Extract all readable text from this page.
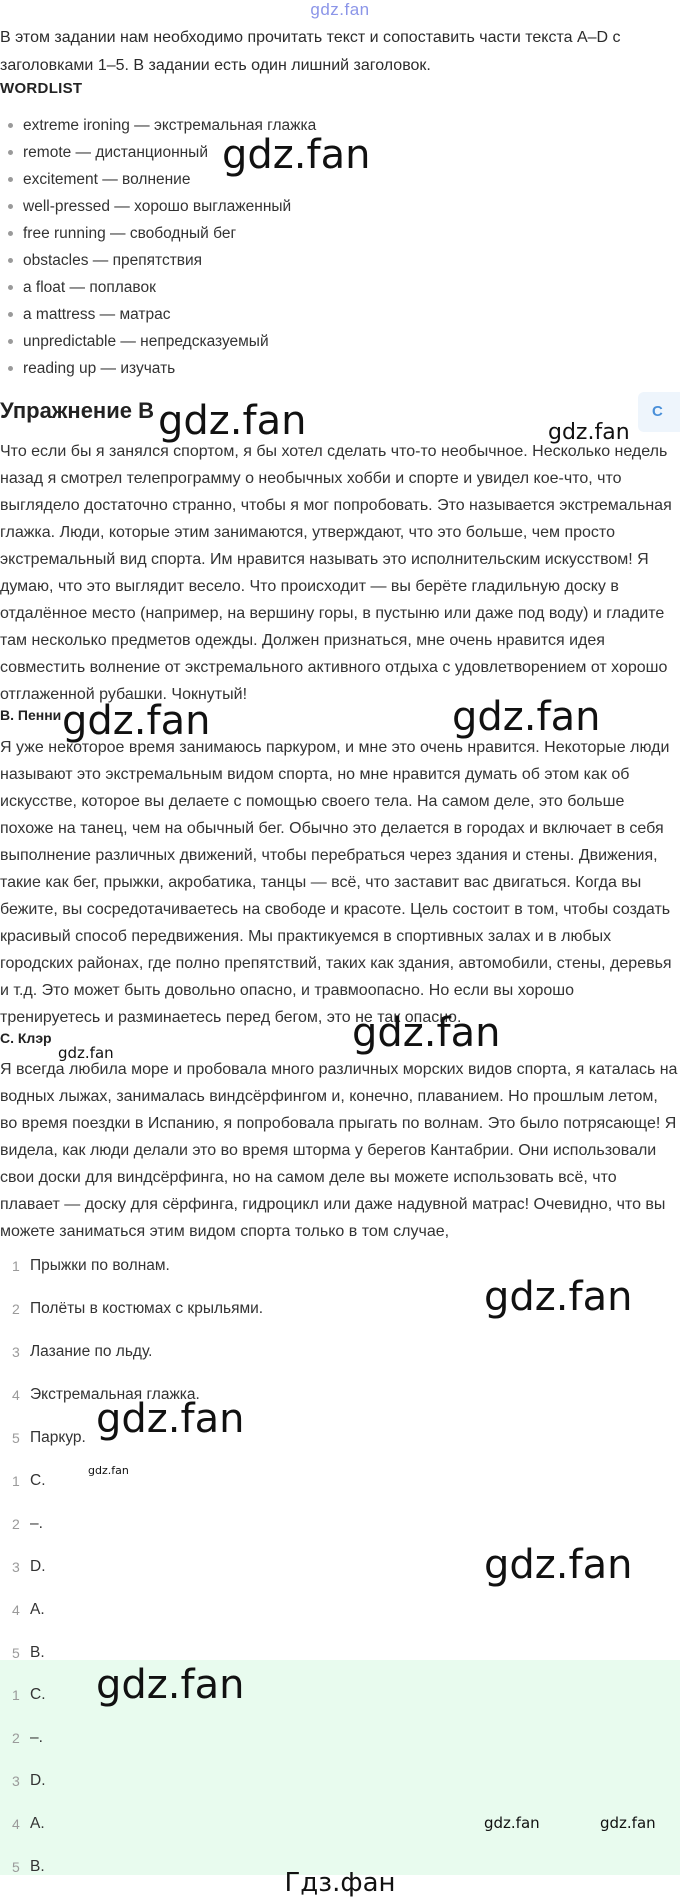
gdz.fan
В этом задании нам необходимо прочитать текст и сопоставить части текста A–D с заголовками 1–5. В задании есть один лишний заголовок.
WORDLIST
extreme ironing — экстремальная глажка
remote — дистанционный
excitement — волнение
well-pressed — хорошо выглаженный
free running — свободный бег
obstacles — препятствия
a float — поплавок
a mattress — матрас
unpredictable — непредсказуемый
reading up — изучать
Упражнение B	C
Что если бы я занялся спортом, я бы хотел сделать что-то необычное. Несколько недель назад я смотрел телепрограмму о необычных хобби и спорте и увидел кое-что, что выглядело достаточно странно, чтобы я мог попробовать. Это называется экстремальная глажка. Люди, которые этим занимаются, утверждают, что это больше, чем просто экстремальный вид спорта. Им нравится называть это исполнительским искусством! Я думаю, что это выглядит весело. Что происходит — вы берёте гладильную доску в отдалённое место (например, на вершину горы, в пустыню или даже под воду) и гладите там несколько предметов одежды. Должен признаться, мне очень нравится идея совместить волнение от экстремального активного отдыха с удовлетворением от хорошо отглаженной рубашки. Чокнутый!
B. Пенни
Я уже некоторое время занимаюсь паркуром, и мне это очень нравится. Некоторые люди называют это экстремальным видом спорта, но мне нравится думать об этом как об искусстве, которое вы делаете с помощью своего тела. На самом деле, это больше похоже на танец, чем на обычный бег. Обычно это делается в городах и включает в себя выполнение различных движений, чтобы перебраться через здания и стены. Движения, такие как бег, прыжки, акробатика, танцы — всё, что заставит вас двигаться. Когда вы бежите, вы сосредотачиваетесь на свободе и красоте. Цель состоит в том, чтобы создать красивый способ передвижения. Мы практикуемся в спортивных залах и в любых городских районах, где полно препятствий, таких как здания, автомобили, стены, деревья и т.д. Это может быть довольно опасно, и травмоопасно. Но если вы хорошо тренируетесь и разминаетесь перед бегом, это не так опасно.
C. Клэр
Я всегда любила море и пробовала много различных морских видов спорта, я каталась на водных лыжах, занималась виндсёрфингом и, конечно, плаванием. Но прошлым летом, во время поездки в Испанию, я попробовала прыгать по волнам. Это было потрясающе! Я видела, как люди делали это во время шторма у берегов Кантабрии. Они использовали свои доски для виндсёрфинга, но на самом деле вы можете использовать всё, что плавает — доску для сёрфинга, гидроцикл или даже надувной матрас! Очевидно, что вы можете заниматься этим видом спорта только в том случае,
1 Прыжки по волнам.
2 Полёты в костюмах с крыльями.
3 Лазание по льду.
4 Экстремальная глажка.
5 Паркур.
1 C.
2 –.
3 D.
4 A.
5 B.
1 C.
2 –.
3 D.
4 A.
5 B.
gdz.fan
gdz.fan	gdz.fan
gdz.fan	gdz.fan
gdz.fan
gdz.fan
gdz.fan
gdz.fan
gdz.fan
gdz.fan
gdz.fan
gdz.fan	gdz.fan
Гдз.фан
